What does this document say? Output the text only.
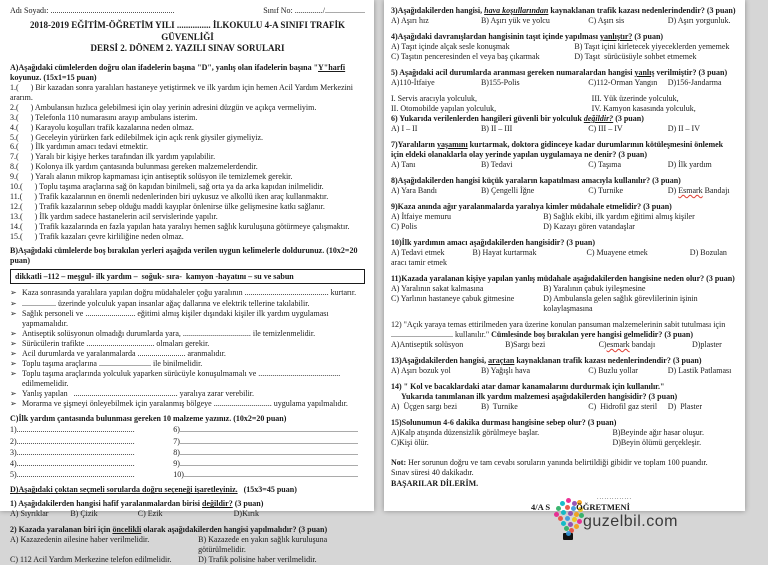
Adı Soyadı: ..............................................................	Sınıf No: ............../....................
2018-2019 EĞİTİM-ÖĞRETİM YILI ............... İLKOKULU 4-A SINIFI TRAFİK GÜVENLİĞİ
DERSİ 2. DÖNEM 2. YAZILI SINAV SORULARI
A)Aşağıdaki cümlelerden doğru olan ifadelerin başına "D", yanlış olan ifadelerin başına "Y"harfi
koyunuz. (15x1=15 puan)
1.(      ) Bir kazadan sonra yaralıları hastaneye yetiştirmek ve ilk yardım için hemen Acil Yardım Merkezini ararım.
2.(      ) Ambulansın hızlıca gelebilmesi için olay yerinin adresini düzgün ve açıkça vermeliyim.
3.(      ) Telefonla 110 numarasını arayıp ambulans isterim.
4.(      ) Karayolu koşulları trafik kazalarına neden olmaz.
5.(      ) Geceleyin yürürken fark edilebilmek için açık renk giysiler giymeliyiz.
6.(      ) İlk yardımın amacı tedavi etmektir.
7.(      ) Yaralı bir kişiye herkes tarafından ilk yardım yapılabilir.
8.(      ) Kolonya ilk yardım çantasında bulunması gereken malzemelerdendir.
9.(      ) Yaralı alanın mikrop kapmaması için antiseptik solüsyon ile temizlemek gerekir.
10.(      ) Toplu taşıma araçlarına sağ ön kapıdan binilmeli, sağ orta ya da arka kapıdan inilmelidir.
11.(      ) Trafik kazalarının en önemli nedenlerinden biri uykusuz ve alkollü iken araç kullanmaktır.
12.(      ) Trafik kazalarının sebep olduğu maddi kayıplar önlenirse ülke gelişmesine katkı sağlanır.
13.(      ) İlk yardım sadece hastanelerin acil servislerinde yapılır.
14.(      ) Trafik kazalarında en fazla yapılan hata yaralıyı hemen sağlık kuruluşuna götürmeye çalışmaktır.
15.(      ) Trafik kazaları çevre kirliliğine neden olmaz.
B)Aşağıdaki cümlelerde boş bırakılan yerleri aşağıda verilen uygun kelimelerle doldurunuz. (10x2=20 puan)
dikkatli –112 – meşgul- ilk yardım –  soğuk- sıra-  kamyon -hayatını – su ve sabun
➢ Kaza sonrasında yaralılara yapılan doğru müdahaleler çoğu yaralının .......................................... kurtarır.
➢ ................. üzerinde yolculuk yapan insanlar ağaç dallarına ve elektrik tellerine takılabilir.
➢ Sağlık personeli ve ......................... eğitimi almış kişiler dışındaki kişiler ilk yardım uygulaması yapmamalıdır.
➢ Antiseptik solüsyonun olmadığı durumlarda yara, .................................. ile temizlenmelidir.
➢ Sürücülerin trafikte .................................. olmaları gerekir.
➢ Acil durumlarda ve yaralanmalarda ........................ aranmalıdır.
➢ Toplu taşıma araçlarına .......................... ile binilmelidir.
➢ Toplu taşıma araçlarında yolculuk yaparken sürücüyle konuşulmamalı ve ......................................... edilmemelidir.
➢ Yanlış yapılan   .................................................... yaralıya zarar verebilir.
➢ Morarma ve şişmeyi önleyebilmek için yaralanmış bölgeye ............................. uygulama yapılmalıdır.
C)İlk yardım çantasında bulunması gereken 10 malzeme yazınız. (10x2=20 puan)
1)...........................................................	6).........................................................................................
2)...........................................................	7).........................................................................................
3)...........................................................	8).........................................................................................
4)...........................................................	9).........................................................................................
5)...........................................................	10).......................................................................................
D)Aşağıdaki çoktan seçmeli sorularda doğru seçeneği işaretleyiniz.   (15x3=45 puan)
1) Aşağıdakilerden hangisi hafif yaralanmalardan birisi değildir? (3 puan)
A) Sıyrıklar	B) Çizik	C) Ezik	D)Kırık
2) Kazada yaralanan biri için öncelikli olarak aşağıdakilerden hangisi yapılmalıdır? (3 puan)
A) Kazazedenin ailesine haber verilmelidir.	B) Kazazede en yakın sağlık kuruluşuna götürülmelidir.
C) 112 Acil Yardım Merkezine telefon edilmelidir.	D) Trafik polisine haber verilmelidir.
3)Aşağıdakilerden hangisi, hava koşullarından kaynaklanan trafik kazası nedenlerindendir? (3 puan)
A) Aşırı hız	B) Aşırı yük ve yolcu	C) Aşırı sis	D) Aşırı yorgunluk.
4)Aşağıdaki davranışlardan hangisinin taşıt içinde yapılması yanlıştır? (3 puan)
A) Taşıt içinde alçak sesle konuşmak	B) Taşıt içini kirletecek yiyeceklerden yememek
C) Taşıtın penceresinden el veya baş çıkarmak	D) Taşıt  sürücüsüyle sohbet etmemek
5) Aşağıdaki acil durumlarda aranması gereken numaralardan hangisi yanlış verilmiştir? (3 puan)
A)110-İtfaiye	B)155-Polis	C)112-Orman Yangın	D)156-Jandarma
I. Servis aracıyla yolculuk,	III. Yük üzerinde yolculuk,
II. Otomobilde yapılan yolculuk,	IV. Kamyon kasasında yolculuk,
6) Yukarıda verilenlerden hangileri güvenli bir yolculuk değildir? (3 puan)
A) I – II	B) II – III	C) III – IV	D) II – IV
7)Yaralıların yaşamını kurtarmak, doktora gidinceye kadar durumlarının kötüleşmesini önlemek için eldeki olanaklarla olay yerinde yapılan uygulamaya ne denir? (3 puan)
A) Tanı	B) Tedavi	C) Taşıma	D) İlk yardım
8)Aşağıdakilerden hangisi küçük yaraların kapatılması amacıyla kullanılır? (3 puan)
A) Yara Bandı	B) Çengelli İğne	C) Turnike	D) Esmark Bandajı
9)Kaza anında ağır yaralanmalarda yaralıya kimler müdahale etmelidir? (3 puan)
A) İtfaiye memuru	B) Sağlık ekibi, ilk yardım eğitimi almış kişiler
C) Polis	D) Kazayı gören vatandaşlar
10)İlk yardımın amacı aşağıdakilerden hangisidir? (3 puan)
A) Tedavi etmek	B) Hayat kurtarmak	C) Muayene etmek	D) Bozulan aracı tamir etmek
11)Kazada yaralanan kişiye yapılan yanlış müdahale aşağıdakilerden hangisine neden olur? (3 puan)
A) Yaralının sakat kalmasına	B) Yaralının çabuk iyileşmesine
C) Yarlının hastaneye çabuk gitmesine	D) Ambulansla gelen sağlık görevlilerinin işinin kolaylaşmasına
12) "Açık yaraya temas ettirilmeden yara üzerine konulan pansuman malzemelerinin sabit tutulması için ............................... kullanılır." Cümlesinde boş bırakılan yere hangisi gelmelidir? (3 puan)
A)Antiseptik solüsyon	B)Sargı bezi	C)esmark bandajı	D)plaster
13)Aşağıdakilerden hangisi, araçtan kaynaklanan trafik kazası nedenlerindendir? (3 puan)
A) Aşırı bozuk yol	B) Yağışlı hava	C) Buzlu yollar	D) Lastik Patlaması
14) " Kol ve bacaklardaki atar damar kanamalarını durdurmak için kullanılır."
Yukarıda tanımlanan ilk yardım malzemesi aşağıdakilerden hangisidir? (3 puan)
A)  Üçgen sargı bezi	B)  Turnike	C)  Hidrofil gaz steril	D)  Plaster
15)Solunumun 4-6 dakika durması hangisine sebep olur? (3 puan)
A)Kalp atışında düzensizlik görülmeye başlar.	B)Beyinde ağır hasar oluşur.
C)Kişi ölür.	D)Beyin ölümü gerçekleşir.
Not: Her sorunun doğru ve tam cevabı soruların yanında belirtildiği gibidir ve toplam 100 puandır.
Sınav süresi 40 dakikadır.
BAŞARILAR DİLERİM.
..............
4/A S	ÖĞRETMENİ
guzelbil.com
